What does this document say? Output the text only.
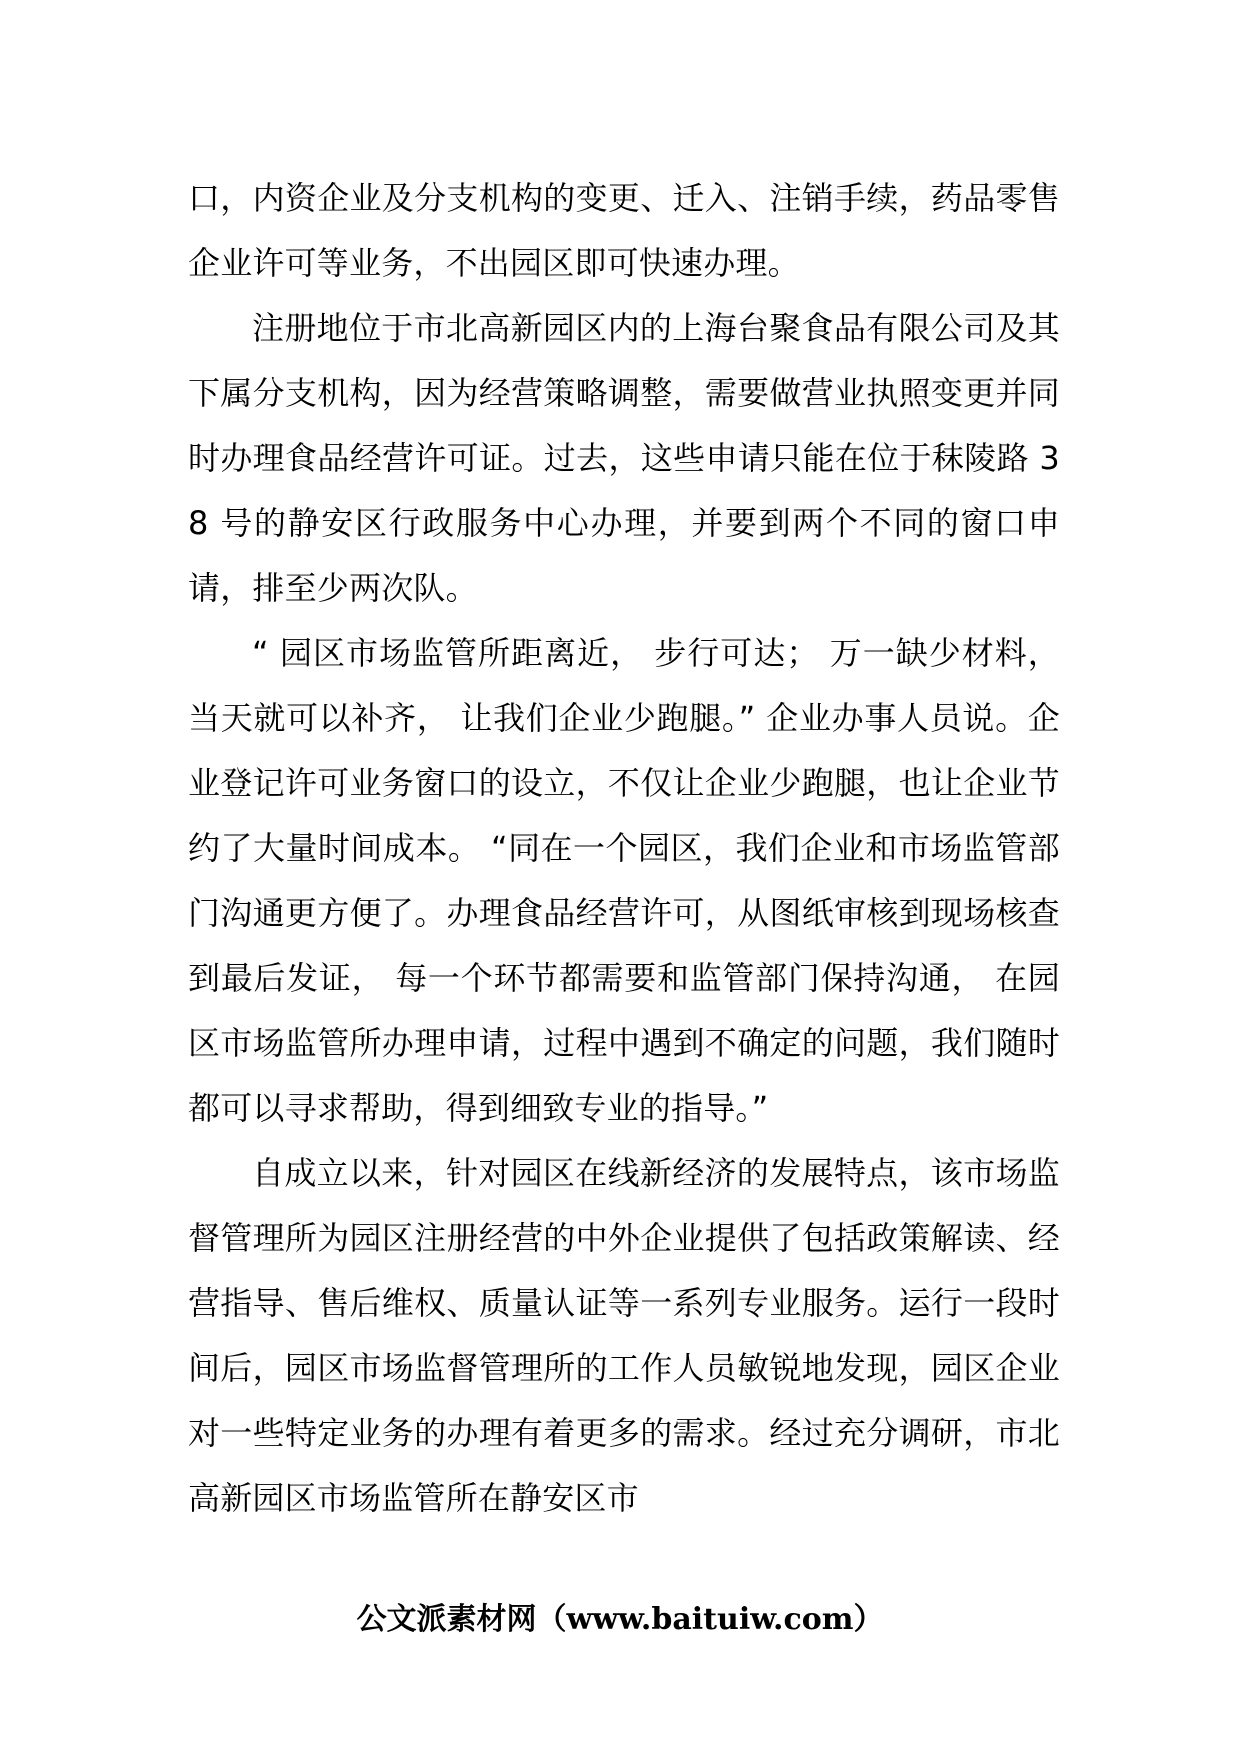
口，内资企业及分支机构的变更、迁入、注销手续，药品零售企业许可等业务，不出园区即可快速办理。

注册地位于市北高新园区内的上海台聚食品有限公司及其下属分支机构，因为经营策略调整，需要做营业执照变更并同时办理食品经营许可证。过去，这些申请只能在位于秣陵路 38 号的静安区行政服务中心办理，并要到两个不同的窗口申请，排至少两次队。

“ 园区市场监管所距离近， 步行可达； 万一缺少材料， 当天就可以补齐， 让我们企业少跑腿。” 企业办事人员说。企业登记许可业务窗口的设立，不仅让企业少跑腿，也让企业节约了大量时间成本。 “同在一个园区，我们企业和市场监管部门沟通更方便了。办理食品经营许可，从图纸审核到现场核查到最后发证， 每一个环节都需要和监管部门保持沟通， 在园区市场监管所办理申请，过程中遇到不确定的问题，我们随时都可以寻求帮助，得到细致专业的指导。”

自成立以来，针对园区在线新经济的发展特点，该市场监督管理所为园区注册经营的中外企业提供了包括政策解读、经营指导、售后维权、质量认证等一系列专业服务。运行一段时间后，园区市场监督管理所的工作人员敏锐地发现，园区企业对一些特定业务的办理有着更多的需求。经过充分调研，市北高新园区市场监管所在静安区市

公文派素材网（www.baituiw.com）
